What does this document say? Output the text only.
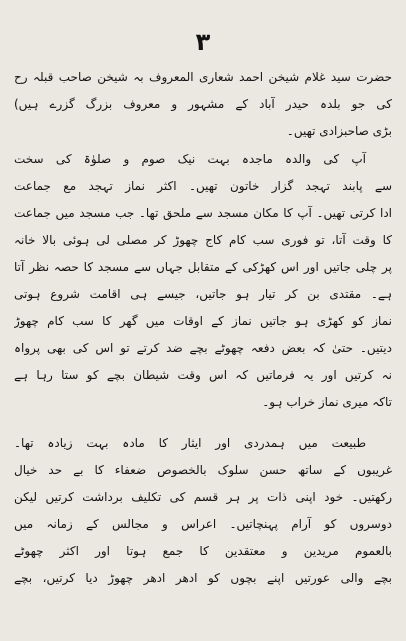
۳
حضرت سید غلام شیخن احمد شعاری المعروف بہ شیخن صاحب قبلہ رح
کی جو بلدہ حیدر آباد کے مشہور و معروف بزرگ گزرے ہیں)
بڑی صاحبزادی تھیں۔
آپ کی والدہ ماجدہ بہت نیک صوم و صلوٰۃ کی سخت
سے پابند تہجد گزار خاتون تھیں۔ اکثر نماز تہجد مع جماعت
ادا کرتی تھیں۔ آپ کا مکان مسجد سے ملحق تھا۔ جب مسجد میں جماعت
کا وقت آتا، تو فوری سب کام کاج چھوڑ کر مصلی لی ہوئی بالا خانہ
پر چلی جاتیں اور اس کھڑکی کے متقابل جہاں سے مسجد کا حصہ نظر آتا
ہے۔ مقتدی بن کر تیار ہو جاتیں، جیسے ہی اقامت شروع ہوتی
نماز کو کھڑی ہو جاتیں نماز کے اوقات میں گھر کا سب کام چھوڑ
دیتیں۔ حتیٰ کہ بعض دفعہ چھوٹے بچے ضد کرتے تو اس کی بھی پرواہ
نہ کرتیں اور یہ فرماتیں کہ اس وقت شیطان بچے کو ستا رہا ہے
تاکہ میری نماز خراب ہو۔
طبیعت میں ہمدردی اور ایثار کا مادہ بہت زیادہ تھا۔
غریبوں کے ساتھ حسن سلوک بالخصوص ضعفاء کا بے حد خیال
رکھتیں۔ خود اپنی ذات پر ہر قسم کی تکلیف برداشت کرتیں لیکن
دوسروں کو آرام پہنچاتیں۔ اعراس و مجالس کے زمانہ میں
بالعموم مریدین و معتقدین کا جمع ہوتا اور اکثر چھوٹے
بچے والی عورتیں اپنے بچوں کو ادھر ادھر چھوڑ دیا کرتیں، بچے
